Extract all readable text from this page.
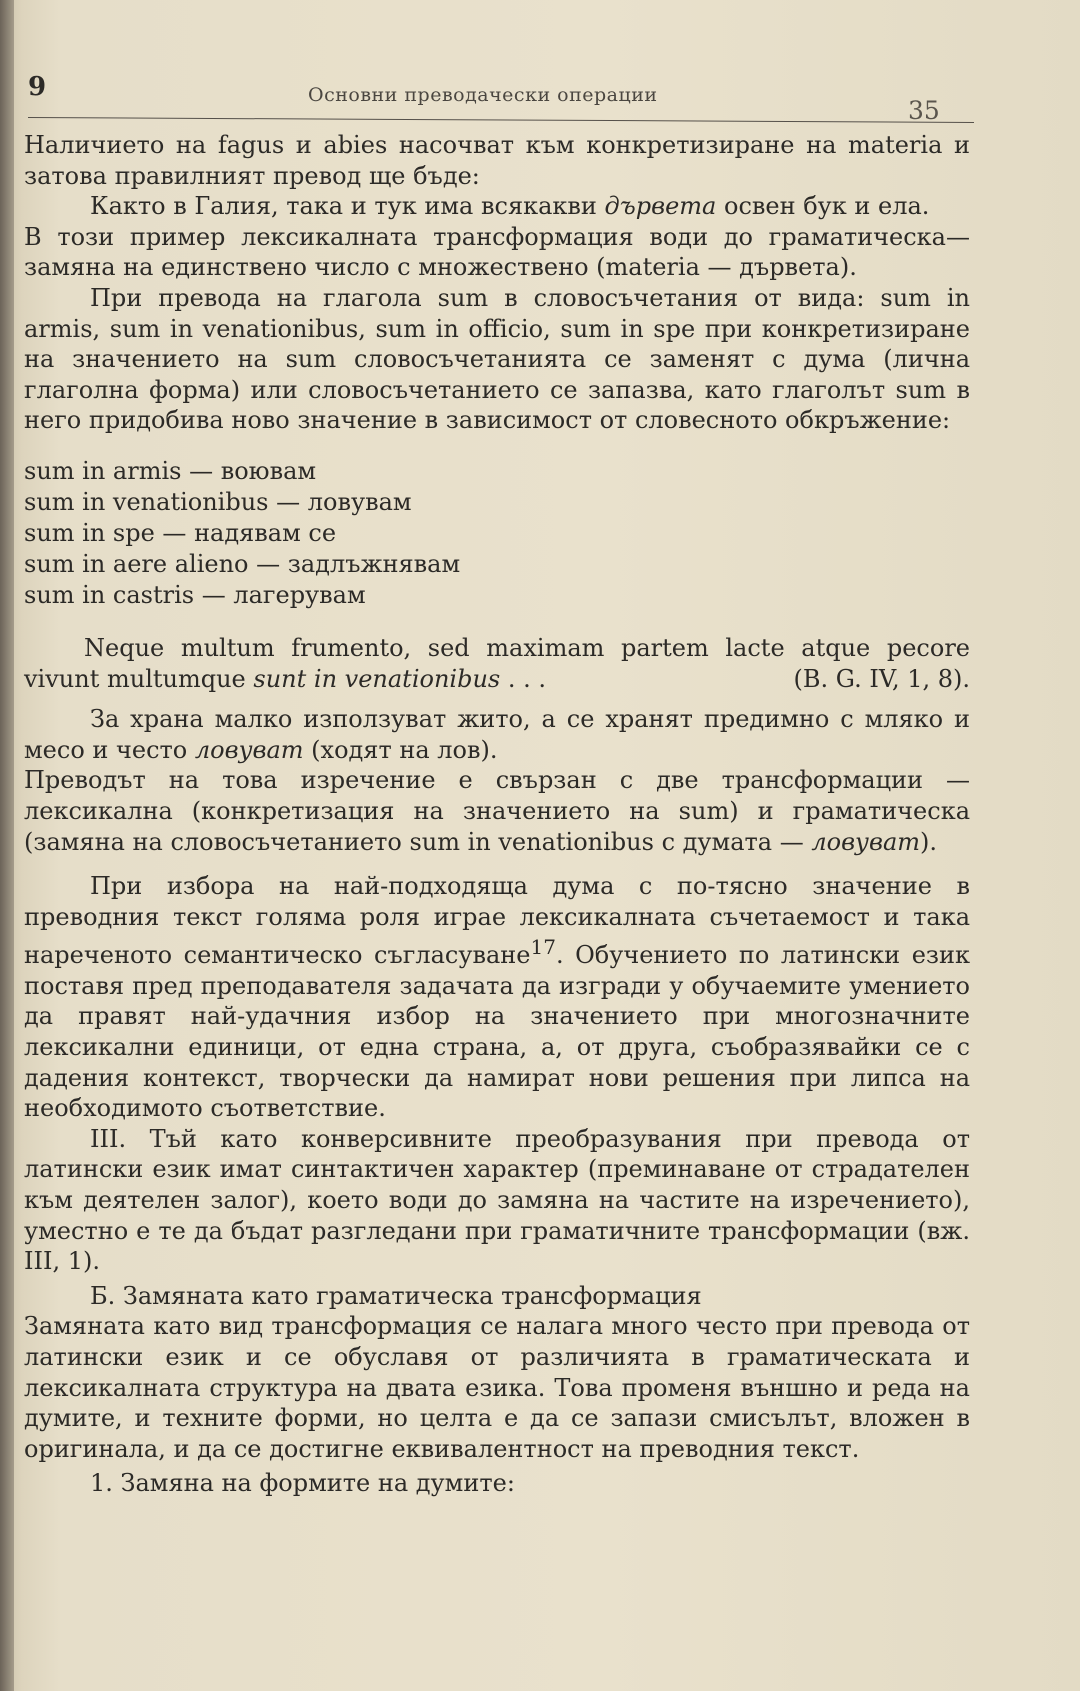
9	Основни преводачески операции
35

Наличието на fagus и abies насочват към конкретизиране на materia и затова правилният превод ще бъде:

Както в Галия, така и тук има всякакви дървета освен бук и ела.

В този пример лексикалната трансформация води до граматическа— замяна на единствено число с множествено (materia — дървета).

При превода на глагола sum в словосъчетания от вида: sum in armis, sum in venationibus, sum in officio, sum in spe при конкретизиране на значението на sum словосъчетанията се заменят с дума (лична глаголна форма) или словосъчетанието се запазва, като глаголът sum в него придобива ново значение в зависимост от словесното обкръжение:

sum in armis — воювам
sum in venationibus — ловувам
sum in spe — надявам се
sum in aere alieno — задлъжнявам
sum in castris — лагерувам

Neque multum frumento, sed maximam partem lacte atque pecore vivunt multumque sunt in venationibus . . .	(B. G. IV, 1, 8).

За храна малко използуват жито, а се хранят предимно с мляко и месо и често ловуват (ходят на лов).

Преводът на това изречение е свързан с две трансформации — лексикална (конкретизация на значението на sum) и граматическа (замяна на словосъчетанието sum in venationibus с думата — ловуват).

При избора на най-подходяща дума с по-тясно значение в преводния текст голяма роля играе лексикалната съчетаемост и така нареченото семантическо съгласуване$^{17}$. Обучението по латински език поставя пред преподавателя задачата да изгради у обучаемите умението да правят най-удачния избор на значението при многозначните лексикални единици, от една страна, а, от друга, съобразявайки се с дадения контекст, творчески да намират нови решения при липса на необходимото съответствие.

III. Тъй като конверсивните преобразувания при превода от латински език имат синтактичен характер (преминаване от страдателен към деятелен залог), което води до замяна на частите на изречението), уместно е те да бъдат разгледани при граматичните трансформации (вж. III, 1).

Б. Замяната като граматическа трансформация

Замяната като вид трансформация се налага много често при превода от латински език и се обуславя от различията в граматическата и лексикалната структура на двата езика. Това променя външно и реда на думите, и техните форми, но целта е да се запази смисълът, вложен в оригинала, и да се достигне еквивалентност на преводния текст.

1. Замяна на формите на думите:
